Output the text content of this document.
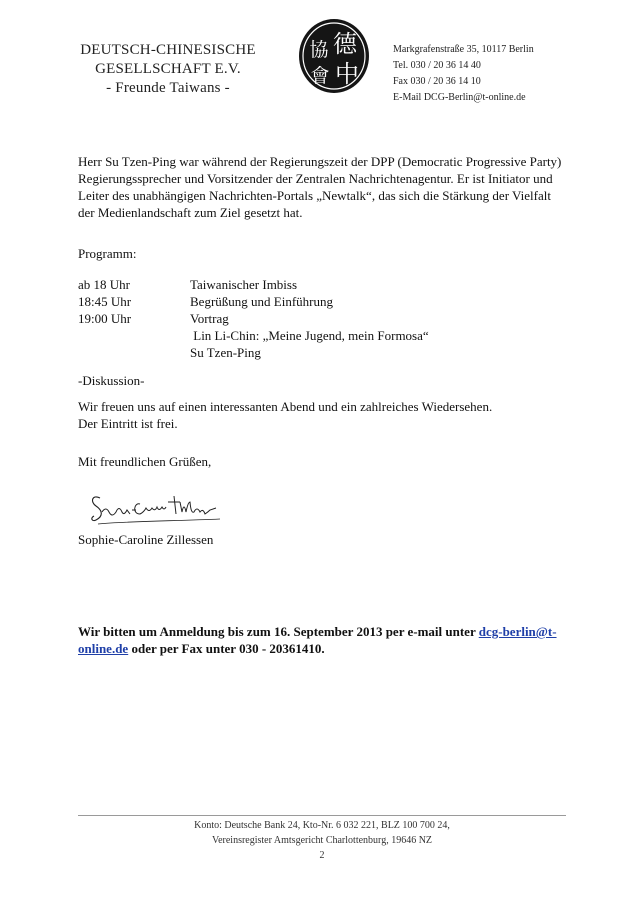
DEUTSCH-CHINESISCHE
GESELLSCHAFT E.V.
- Freunde Taiwans -
德
中
協
會
Markgrafenstraße 35, 10117 Berlin
Tel. 030 / 20 36 14 40
Fax 030 / 20 36 14 10
E-Mail DCG-Berlin@t-online.de
Herr Su Tzen-Ping war während der Regierungszeit der DPP (Democratic Progressive Party)
Regierungssprecher und Vorsitzender der Zentralen Nachrichtenagentur. Er ist Initiator und
Leiter des unabhängigen Nachrichten-Portals „Newtalk“, das sich die Stärkung der Vielfalt
der Medienlandschaft zum Ziel gesetzt hat.
Programm:
ab 18 Uhr	Taiwanischer Imbiss
18:45 Uhr	Begrüßung und Einführung
19:00 Uhr	Vortrag
Lin Li-Chin: „Meine Jugend, mein Formosa“
Su Tzen-Ping
-Diskussion-
Wir freuen uns auf einen interessanten Abend und ein zahlreiches Wiedersehen.
Der Eintritt ist frei.
Mit freundlichen Grüßen,
Sophie-Caroline Zillessen
Wir bitten um Anmeldung bis zum 16. September 2013 per e-mail unter dcg-berlin@t-
online.de oder per Fax unter 030 - 20361410.
Konto: Deutsche Bank 24, Kto-Nr. 6 032 221, BLZ 100 700 24,
Vereinsregister Amtsgericht Charlottenburg, 19646 NZ
2
